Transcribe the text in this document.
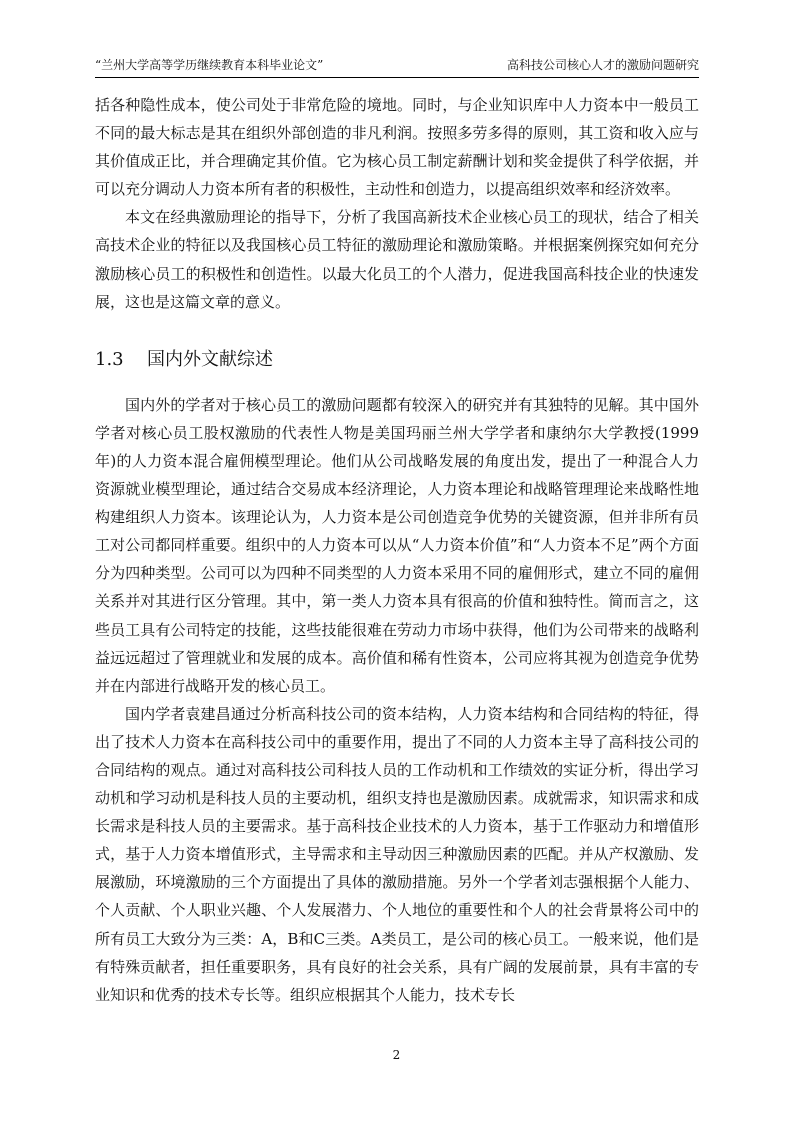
“兰州大学高等学历继续教育本科毕业论文”	高科技公司核心人才的激励问题研究

括各种隐性成本，使公司处于非常危险的境地。同时，与企业知识库中人力资本中一般员工不同的最大标志是其在组织外部创造的非凡利润。按照多劳多得的原则，其工资和收入应与其价值成正比，并合理确定其价值。它为核心员工制定薪酬计划和奖金提供了科学依据，并可以充分调动人力资本所有者的积极性，主动性和创造力，以提高组织效率和经济效率。

本文在经典激励理论的指导下，分析了我国高新技术企业核心员工的现状，结合了相关高技术企业的特征以及我国核心员工特征的激励理论和激励策略。并根据案例探究如何充分激励核心员工的积极性和创造性。以最大化员工的个人潜力，促进我国高科技企业的快速发展，这也是这篇文章的意义。

1.3 国内外文献综述

国内外的学者对于核心员工的激励问题都有较深入的研究并有其独特的见解。其中国外学者对核心员工股权激励的代表性人物是美国玛丽兰州大学学者和康纳尔大学教授(1999年)的人力资本混合雇佣模型理论。他们从公司战略发展的角度出发，提出了一种混合人力资源就业模型理论，通过结合交易成本经济理论，人力资本理论和战略管理理论来战略性地构建组织人力资本。该理论认为，人力资本是公司创造竞争优势的关键资源，但并非所有员工对公司都同样重要。组织中的人力资本可以从“人力资本价值”和“人力资本不足”两个方面分为四种类型。公司可以为四种不同类型的人力资本采用不同的雇佣形式，建立不同的雇佣关系并对其进行区分管理。其中，第一类人力资本具有很高的价值和独特性。简而言之，这些员工具有公司特定的技能，这些技能很难在劳动力市场中获得，他们为公司带来的战略利益远远超过了管理就业和发展的成本。高价值和稀有性资本，公司应将其视为创造竞争优势并在内部进行战略开发的核心员工。

国内学者袁建昌通过分析高科技公司的资本结构，人力资本结构和合同结构的特征，得出了技术人力资本在高科技公司中的重要作用，提出了不同的人力资本主导了高科技公司的合同结构的观点。通过对高科技公司科技人员的工作动机和工作绩效的实证分析，得出学习动机和学习动机是科技人员的主要动机，组织支持也是激励因素。成就需求，知识需求和成长需求是科技人员的主要需求。基于高科技企业技术的人力资本，基于工作驱动力和增值形式，基于人力资本增值形式，主导需求和主导动因三种激励因素的匹配。并从产权激励、发展激励，环境激励的三个方面提出了具体的激励措施。另外一个学者刘志强根据个人能力、个人贡献、个人职业兴趣、个人发展潜力、个人地位的重要性和个人的社会背景将公司中的所有员工大致分为三类：A，B和C三类。A类员工，是公司的核心员工。一般来说，他们是有特殊贡献者，担任重要职务，具有良好的社会关系，具有广阔的发展前景，具有丰富的专业知识和优秀的技术专长等。组织应根据其个人能力，技术专长

2
